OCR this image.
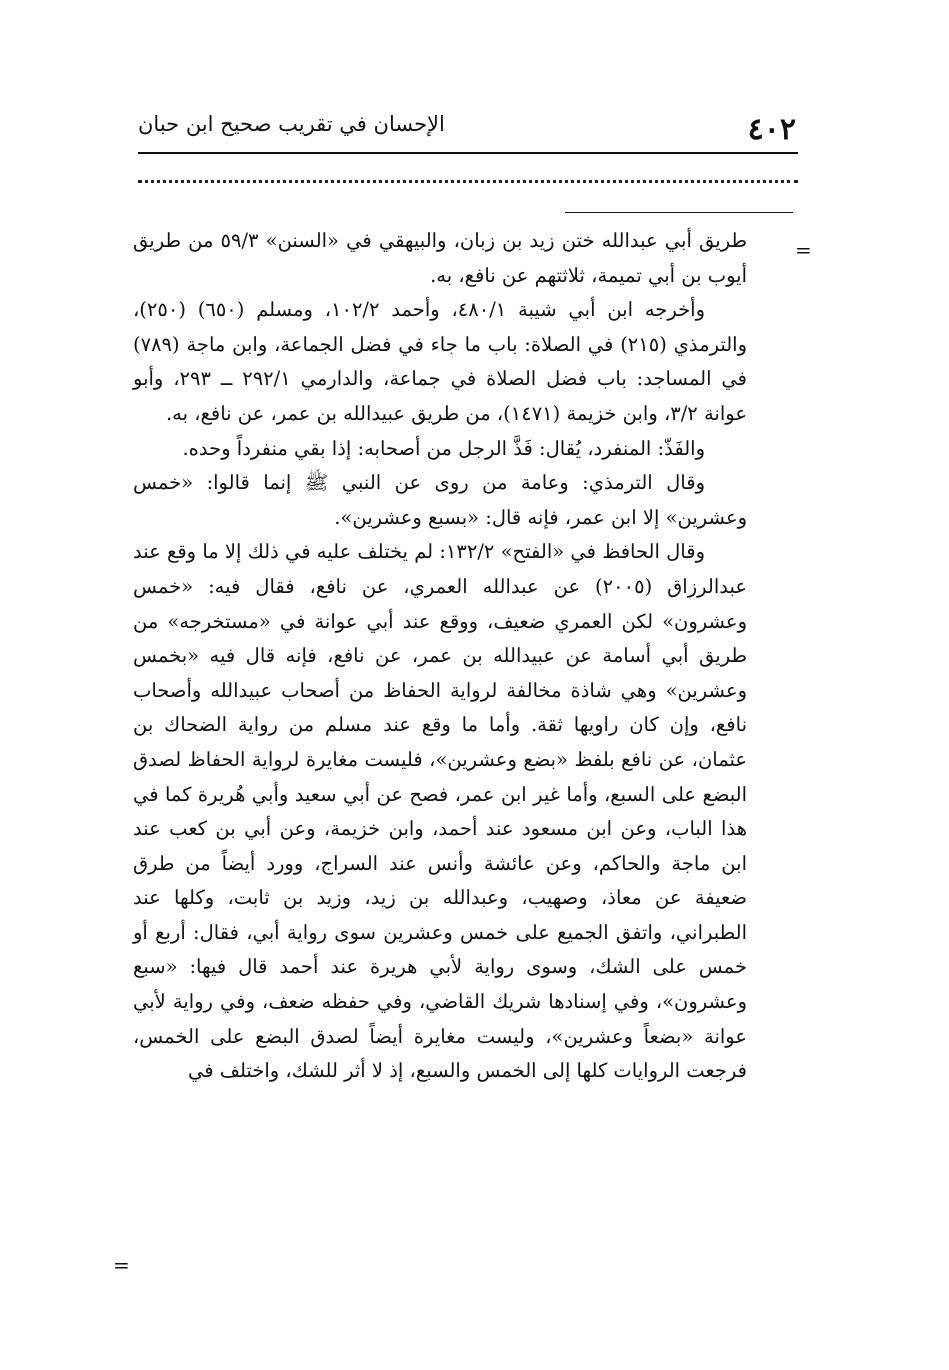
٤٠٢
الإحسان في تقريب صحيح ابن حبان
=

طريق أبي عبدالله ختن زيد بن زبان، والبيهقي في «السنن» ٥٩/٣ من طريق أيوب بن أبي تميمة، ثلاثتهم عن نافع، به.

وأخرجه ابن أبي شيبة ٤٨٠/١، وأحمد ١٠٢/٢، ومسلم (٦٥٠) (٢٥٠)، والترمذي (٢١٥) في الصلاة: باب ما جاء في فضل الجماعة، وابن ماجة (٧٨٩) في المساجد: باب فضل الصلاة في جماعة، والدارمي ٢٩٢/١ ــ ٢٩٣، وأبو عوانة ٣/٢، وابن خزيمة (١٤٧١)، من طريق عبيدالله بن عمر، عن نافع، به.

والفَذّ: المنفرد، يُقال: فَذَّ الرجل من أصحابه: إذا بقي منفرداً وحده.

وقال الترمذي: وعامة من روى عن النبي ﷺ إنما قالوا: «خمس وعشرين» إلا ابن عمر، فإنه قال: «بسبع وعشرين».

وقال الحافظ في «الفتح» ١٣٢/٢: لم يختلف عليه في ذلك إلا ما وقع عند عبدالرزاق (٢٠٠٥) عن عبدالله العمري، عن نافع، فقال فيه: «خمس وعشرون» لكن العمري ضعيف، ووقع عند أبي عوانة في «مستخرجه» من طريق أبي أسامة عن عبيدالله بن عمر، عن نافع، فإنه قال فيه «بخمس وعشرين» وهي شاذة مخالفة لرواية الحفاظ من أصحاب عبيدالله وأصحاب نافع، وإن كان راويها ثقة. وأما ما وقع عند مسلم من رواية الضحاك بن عثمان، عن نافع بلفظ «بضع وعشرين»، فليست مغايرة لرواية الحفاظ لصدق البضع على السبع، وأما غير ابن عمر، فصح عن أبي سعيد وأبي هُريرة كما في هذا الباب، وعن ابن مسعود عند أحمد، وابن خزيمة، وعن أبي بن كعب عند ابن ماجة والحاكم، وعن عائشة وأنس عند السراج، وورد أيضاً من طرق ضعيفة عن معاذ، وصهيب، وعبدالله بن زيد، وزيد بن ثابت، وكلها عند الطبراني، واتفق الجميع على خمس وعشرين سوى رواية أبي، فقال: أربع أو خمس على الشك، وسوى رواية لأبي هريرة عند أحمد قال فيها: «سبع وعشرون»، وفي إسنادها شريك القاضي، وفي حفظه ضعف، وفي رواية لأبي عوانة «بضعاً وعشرين»، وليست مغايرة أيضاً لصدق البضع على الخمس، فرجعت الروايات كلها إلى الخمس والسبع، إذ لا أثر للشك، واختلف في

=
